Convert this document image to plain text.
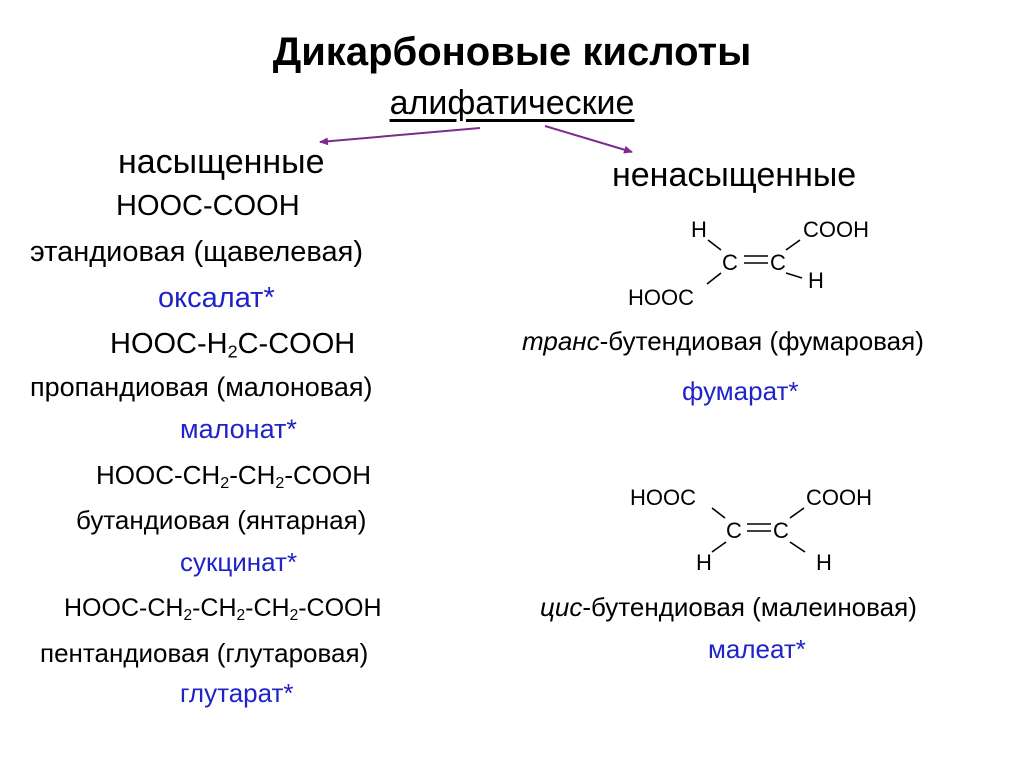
Дикарбоновые кислоты
алифатические
насыщенные
HOOC-COOH
этандиовая (щавелевая)
оксалат*
HOOC-$H_2C$-COOH
пропандиовая (малоновая)
малонат*
HOOC-$CH_2-CH_2$-COOH
бутандиовая (янтарная)
сукцинат*
HOOC-$CH_2-CH_2-CH_2$-COOH
пентандиовая (глутаровая)
глутарат*
ненасыщенные
H	COOH
C C
HOOC
H
транс-бутендиовая (фумаровая)
фумарат*
HOOC	COOH
C C
H	H
цис-бутендиовая (малеиновая)
малеат*
